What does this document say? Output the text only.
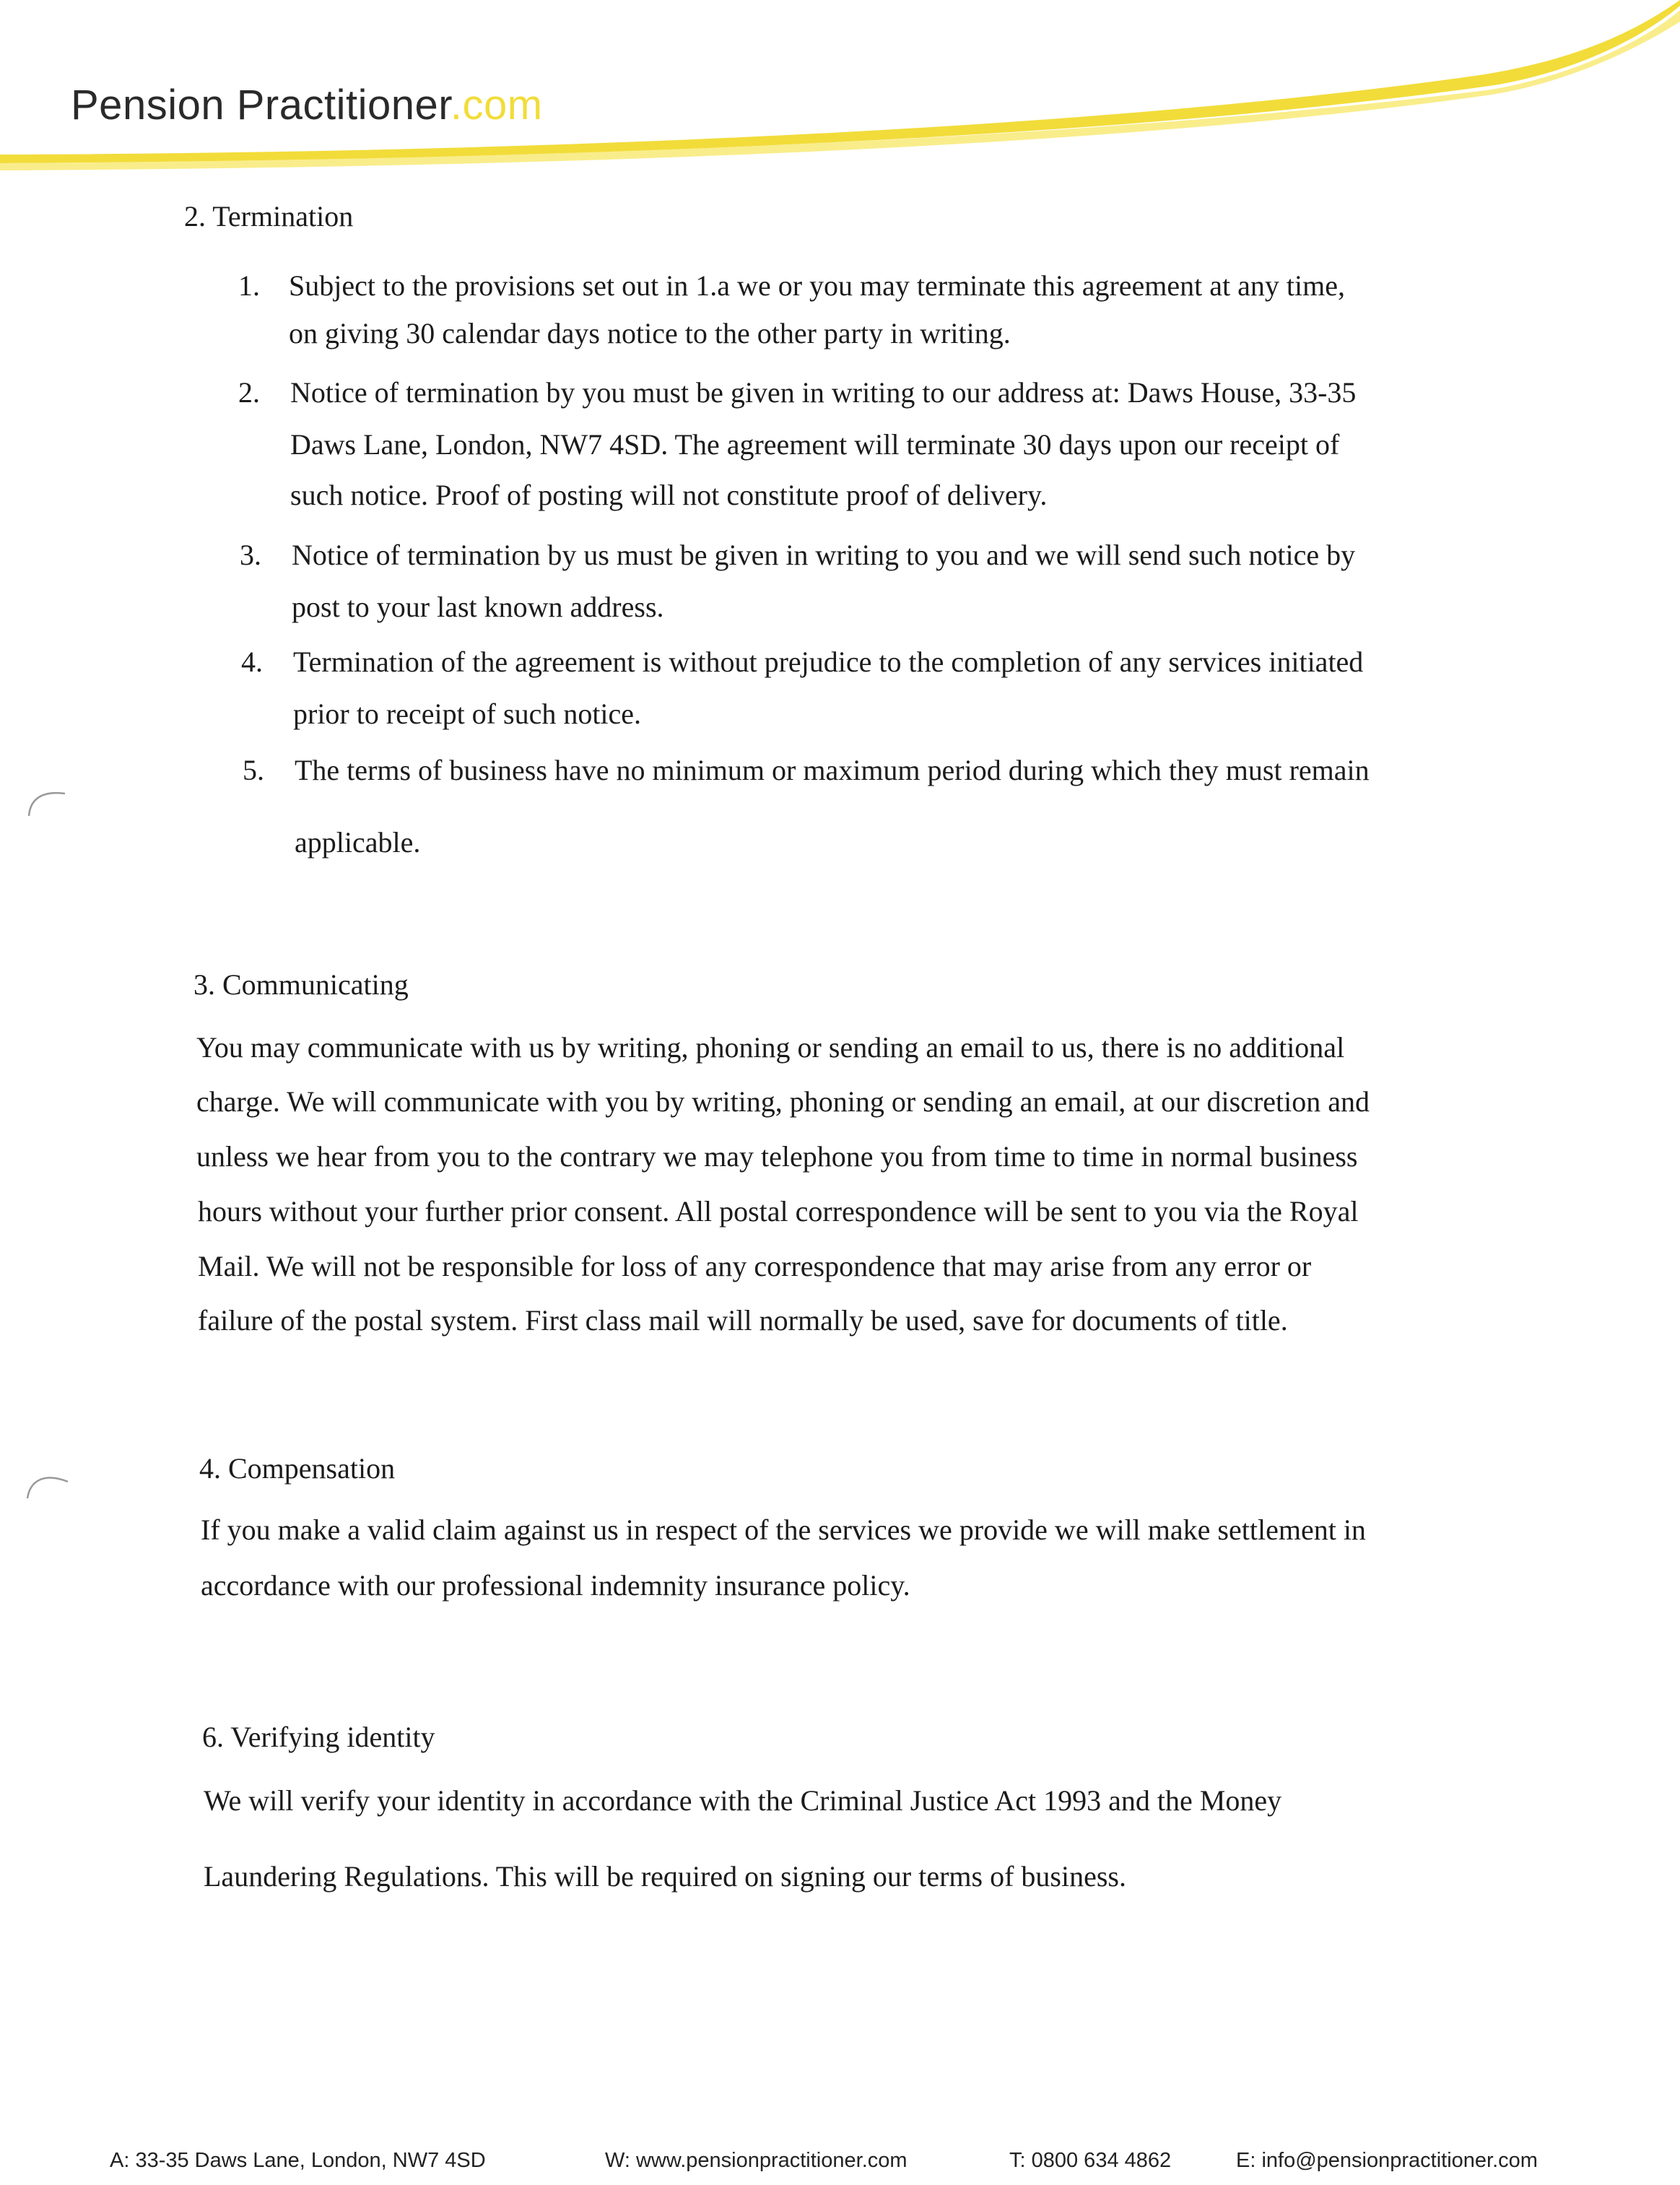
Pension Practitioner.com
2. Termination
1. Subject to the provisions set out in 1.a we or you may terminate this agreement at any time,
on giving 30 calendar days notice to the other party in writing.
2. Notice of termination by you must be given in writing to our address at: Daws House, 33-35
Daws Lane, London, NW7 4SD. The agreement will terminate 30 days upon our receipt of
such notice. Proof of posting will not constitute proof of delivery.
3. Notice of termination by us must be given in writing to you and we will send such notice by
post to your last known address.
4. Termination of the agreement is without prejudice to the completion of any services initiated
prior to receipt of such notice.
5. The terms of business have no minimum or maximum period during which they must remain
applicable.
3. Communicating
You may communicate with us by writing, phoning or sending an email to us, there is no additional
charge. We will communicate with you by writing, phoning or sending an email, at our discretion and
unless we hear from you to the contrary we may telephone you from time to time in normal business
hours without your further prior consent. All postal correspondence will be sent to you via the Royal
Mail. We will not be responsible for loss of any correspondence that may arise from any error or
failure of the postal system. First class mail will normally be used, save for documents of title.
4. Compensation
If you make a valid claim against us in respect of the services we provide we will make settlement in
accordance with our professional indemnity insurance policy.
6. Verifying identity
We will verify your identity in accordance with the Criminal Justice Act 1993 and the Money
Laundering Regulations. This will be required on signing our terms of business.
A: 33-35 Daws Lane, London, NW7 4SD	W: www.pensionpractitioner.com	T: 0800 634 4862	E: info@pensionpractitioner.com
